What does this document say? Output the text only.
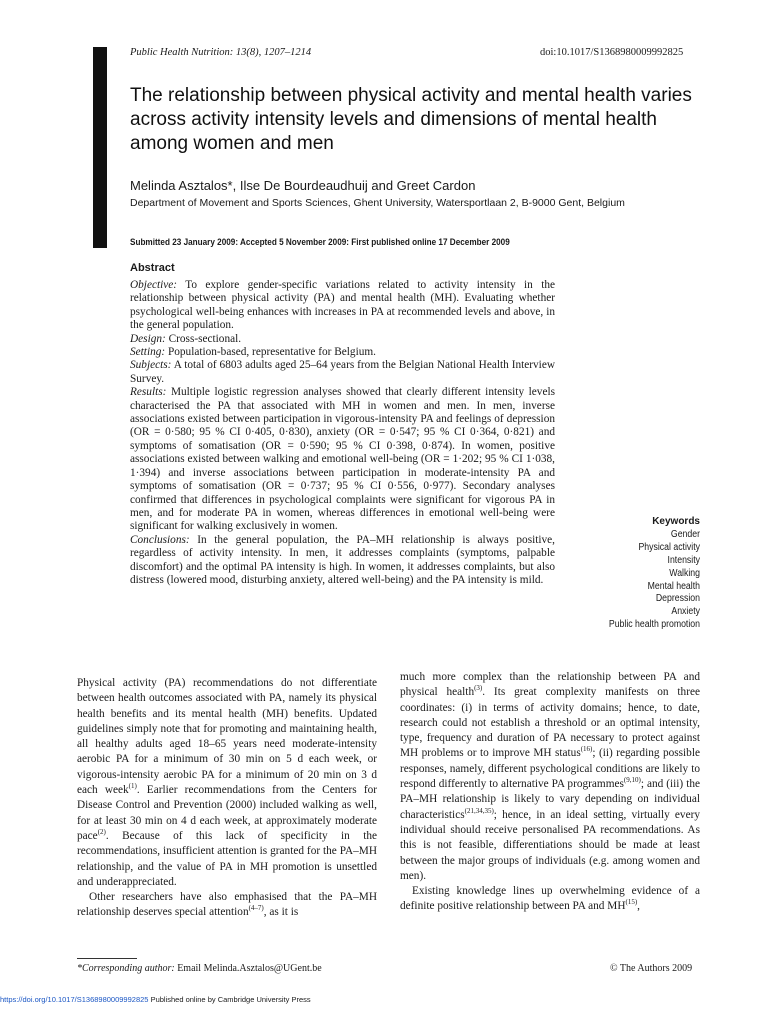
Public Health Nutrition: 13(8), 1207–1214	doi:10.1017/S1368980009992825
The relationship between physical activity and mental health varies across activity intensity levels and dimensions of mental health among women and men
Melinda Asztalos*, Ilse De Bourdeaudhuij and Greet Cardon
Department of Movement and Sports Sciences, Ghent University, Watersportlaan 2, B-9000 Gent, Belgium
Submitted 23 January 2009: Accepted 5 November 2009: First published online 17 December 2009
Abstract

Objective: To explore gender-specific variations related to activity intensity in the relationship between physical activity (PA) and mental health (MH). Evaluating whether psychological well-being enhances with increases in PA at recommended levels and above, in the general population.

Design: Cross-sectional.

Setting: Population-based, representative for Belgium.

Subjects: A total of 6803 adults aged 25–64 years from the Belgian National Health Interview Survey.

Results: Multiple logistic regression analyses showed that clearly different intensity levels characterised the PA that associated with MH in women and men. In men, inverse associations existed between participation in vigorous-intensity PA and feelings of depression (OR = 0·580; 95 % CI 0·405, 0·830), anxiety (OR = 0·547; 95 % CI 0·364, 0·821) and symptoms of somatisation (OR = 0·590; 95 % CI 0·398, 0·874). In women, positive associations existed between walking and emotional well-being (OR = 1·202; 95 % CI 1·038, 1·394) and inverse associations between participation in moderate-intensity PA and symptoms of somatisation (OR = 0·737; 95 % CI 0·556, 0·977). Secondary analyses confirmed that differences in psychological complaints were significant for vigorous PA in men, and for moderate PA in women, whereas differences in emotional well-being were significant for walking exclusively in women.

Conclusions: In the general population, the PA–MH relationship is always positive, regardless of activity intensity. In men, it addresses complaints (symptoms, palpable discomfort) and the optimal PA intensity is high. In women, it addresses complaints, but also distress (lowered mood, disturbing anxiety, altered well-being) and the PA intensity is mild.

Keywords
Gender
Physical activity
Intensity
Walking
Mental health
Depression
Anxiety
Public health promotion

Physical activity (PA) recommendations do not differentiate between health outcomes associated with PA, namely its physical health benefits and its mental health (MH) benefits. Updated guidelines simply note that for promoting and maintaining health, all healthy adults aged 18–65 years need moderate-intensity aerobic PA for a minimum of 30 min on 5 d each week, or vigorous-intensity aerobic PA for a minimum of 20 min on 3 d each week$^{(1)}$. Earlier recommendations from the Centers for Disease Control and Prevention (2000) included walking as well, for at least 30 min on 4 d each week, at approximately moderate pace$^{(2)}$. Because of this lack of specificity in the recommendations, insufficient attention is granted for the PA–MH relationship, and the value of PA in MH promotion is unsettled and underappreciated.

Other researchers have also emphasised that the PA–MH relationship deserves special attention$^{(4-7)}$, as it is

much more complex than the relationship between PA and physical health$^{(3)}$. Its great complexity manifests on three coordinates: (i) in terms of activity domains; hence, to date, research could not establish a threshold or an optimal intensity, type, frequency and duration of PA necessary to protect against MH problems or to improve MH status$^{(16)}$; (ii) regarding possible responses, namely, different psychological conditions are likely to respond differently to alternative PA programmes$^{(9,10)}$; and (iii) the PA–MH relationship is likely to vary depending on individual characteristics$^{(21,34,35)}$; hence, in an ideal setting, virtually every individual should receive personalised PA recommendations. As this is not feasible, differentiations should be made at least between the major groups of individuals (e.g. among women and men).

Existing knowledge lines up overwhelming evidence of a definite positive relationship between PA and MH$^{(15)}$,

*Corresponding author: Email Melinda.Asztalos@UGent.be	© The Authors 2009
https://doi.org/10.1017/S1368980009992825 Published online by Cambridge University Press
